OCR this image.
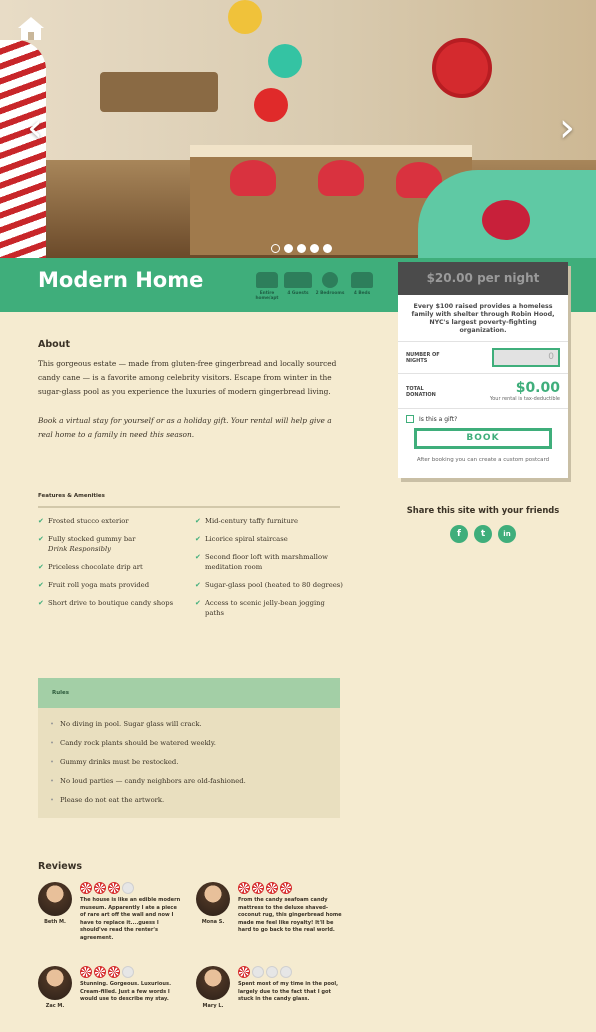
‹	›
Modern Home
Entire home/apt
4 Guests	2 Bedrooms	4 Beds
$20.00 per night
Every $100 raised provides a homeless family with shelter through Robin Hood, NYC's largest poverty-fighting organization.
NUMBER OF NIGHTS	0
TOTAL DONATION	$0.00
Your rental is tax-deductible
Is this a gift?
BOOK
After booking you can create a custom postcard
About

This gorgeous estate — made from gluten-free gingerbread and locally sourced candy cane — is a favorite among celebrity visitors. Escape from winter in the sugar-glass pool as you experience the luxuries of modern gingerbread living.

Book a virtual stay for yourself or as a holiday gift. Your rental will help give a real home to a family in need this season.

Features & Amenities
✔ Frosted stucco exterior
✔ Fully stocked gummy bar
Drink Responsibly
✔ Priceless chocolate drip art
✔ Fruit roll yoga mats provided
✔ Short drive to boutique candy shops
✔ Mid-century taffy furniture
✔ Licorice spiral staircase
✔ Second floor loft with marshmallow meditation room
✔ Sugar-glass pool (heated to 80 degrees)
✔ Access to scenic jelly-bean jogging paths
Share this site with your friends
f	t	in
Rules
• No diving in pool. Sugar glass will crack.
• Candy rock plants should be watered weekly.
• Gummy drinks must be restocked.
• No loud parties — candy neighbors are old-fashioned.
• Please do not eat the artwork.
Reviews
Beth M.
The house is like an edible modern museum. Apparently I ate a piece of rare art off the wall and now I have to replace it....guess I should've read the renter's agreement.
Mona S.
From the candy seafoam candy mattress to the deluxe shaved-coconut rug, this gingerbread home made me feel like royalty! It'll be hard to go back to the real world.
Zac M.
Stunning. Gorgeous. Luxurious. Cream-filled. Just a few words I would use to describe my stay.
Mary L.
Spent most of my time in the pool, largely due to the fact that I got stuck in the candy glass.
